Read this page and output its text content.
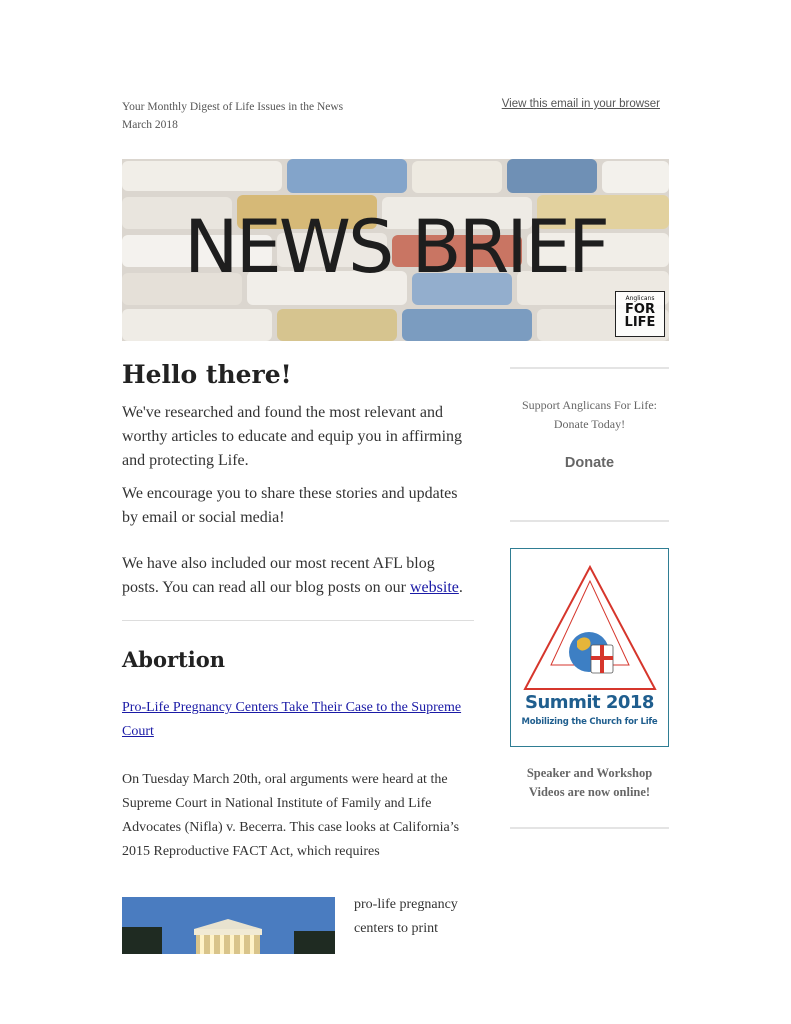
Your Monthly Digest of Life Issues in the News
March 2018
View this email in your browser
NEWS BRIEF
Anglicans
FOR
LIFE
Hello there!

We've researched and found the most relevant and worthy articles to educate and equip you in affirming and protecting Life.

We encourage you to share these stories and updates by email or social media!

We have also included our most recent AFL blog posts. You can read all our blog posts on our website.

Abortion
Pro-Life Pregnancy Centers Take Their Case to the Supreme Court
On Tuesday March 20th, oral arguments were heard at the Supreme Court in National Institute of Family and Life Advocates (Nifla) v. Becerra. This case looks at California’s 2015 Reproductive FACT Act, which requires
pro-life pregnancy centers to print
Support Anglicans For Life: Donate Today!
Donate
Summit 2018
Mobilizing the Church for Life
Speaker and Workshop Videos are now online!
